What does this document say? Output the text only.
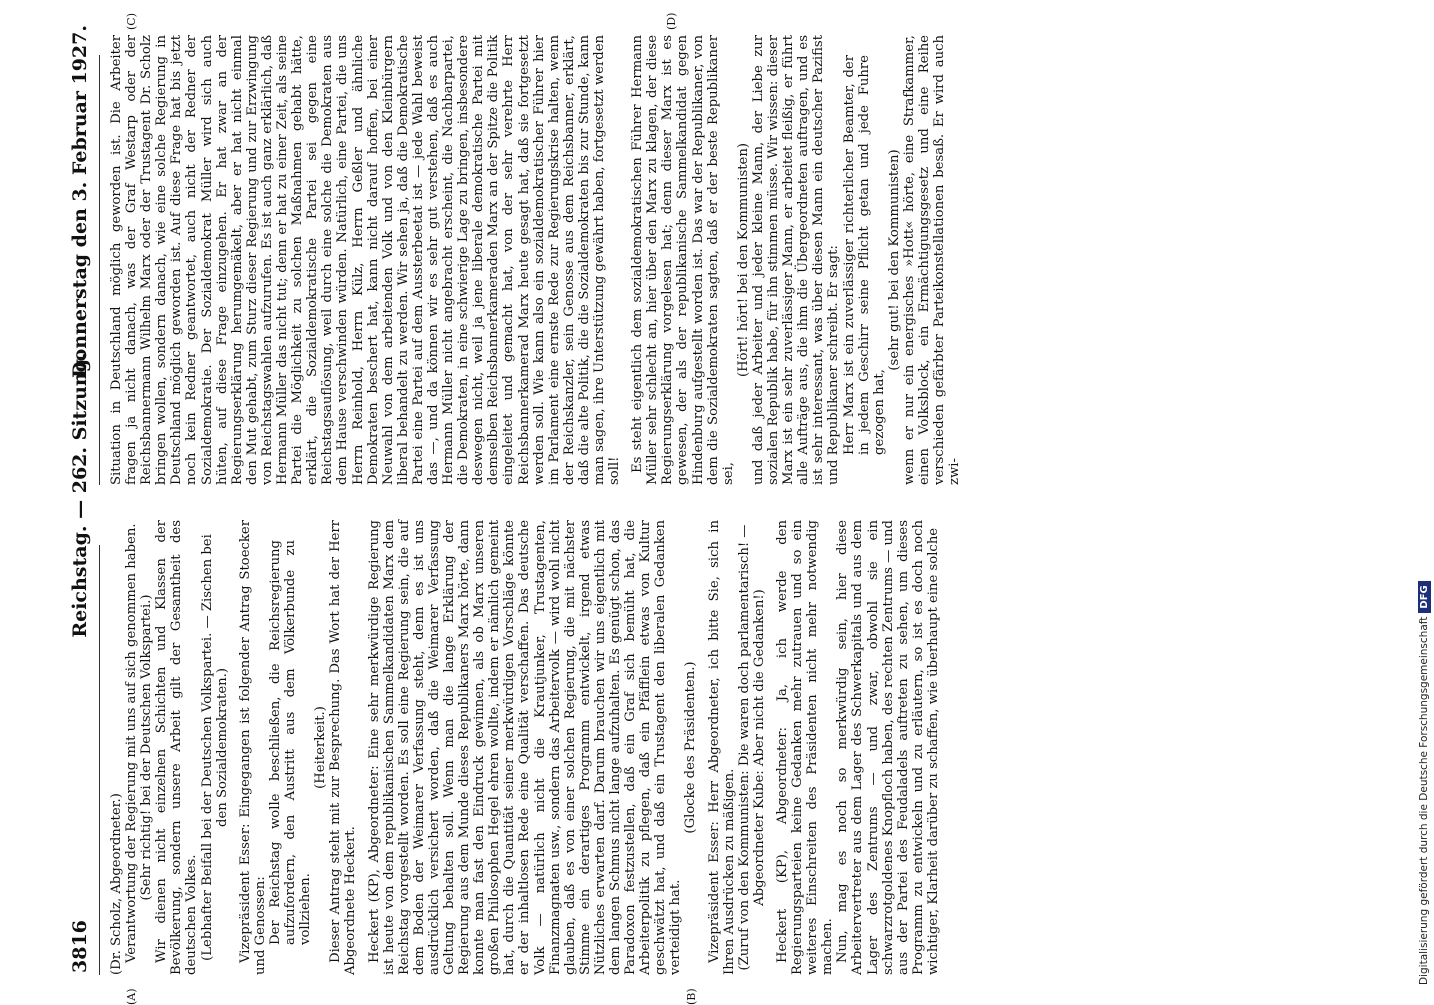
3816
Reichstag. — 262. Sitzung.
Donnerstag den 3. Februar 1927.
(A)	(B)
(C)	(D)

(Dr. Scholz, Abgeordneter.) Verantwortung der Regierung mit uns auf sich genommen haben. (Sehr richtig! bei der Deutschen Volkspartei.) Wir dienen nicht einzelnen Schichten und Klassen der Bevölkerung, sondern unsere Arbeit gilt der Gesamtheit des deutschen Volkes. (Lebhafter Beifall bei der Deutschen Volkspartei. — Zischen bei den Sozialdemokraten.) Vizepräsident Esser: Eingegangen ist folgender Antrag Stoecker und Genossen: Der Reichstag wolle beschließen, die Reichsregierung aufzufordern, den Austritt aus dem Völkerbunde zu vollziehen.

(Heiterkeit.) Dieser Antrag steht mit zur Besprechung. Das Wort hat der Herr Abgeordnete Heckert. Heckert (KP), Abgeordneter: Eine sehr merkwürdige Regierung ist heute von dem republikanischen Sammelkandidaten Marx dem Reichstag vorgestellt worden. Es soll eine Regierung sein, die auf dem Boden der Weimarer Verfassung steht, denn es ist uns ausdrücklich versichert worden, daß die Weimarer Verfassung Geltung behalten soll. Wenn man die lange Erklärung der Regierung aus dem Munde dieses Republikaners Marx hörte, dann konnte man fast den Eindruck gewinnen, als ob Marx unseren großen Philosophen Hegel ehren wollte, indem er nämlich gemeint hat, durch die Quantität seiner merkwürdigen Vorschläge könnte er der inhaltlosen Rede eine Qualität verschaffen. Das deutsche Volk — natürlich nicht die Krautjunker, Trustagenten, Finanzmagnaten usw., sondern das Arbeitervolk — wird wohl nicht glauben, daß es von einer solchen Regierung, die mit nächster Stimme ein derartiges Programm entwickelt, irgend etwas Nützliches erwarten darf. Darum brauchen wir uns eigentlich mit dem langen Schmus nicht lange aufzuhalten. Es genügt schon, das Paradoxon festzustellen, daß ein Graf sich bemüht hat, die Arbeiterpolitik zu pflegen, daß ein Pfäfflein etwas von Kultur geschwätzt hat, und daß ein Trustagent den liberalen Gedanken verteidigt hat.

(Glocke des Präsidenten.) Vizepräsident Esser: Herr Abgeordneter, ich bitte Sie, sich in Ihren Ausdrücken zu mäßigen. (Zuruf von den Kommunisten: Die waren doch parlamentarisch! — Abgeordneter Kube: Aber nicht die Gedanken!) Heckert (KP), Abgeordneter: Ja, ich werde den Regierungsparteien keine Gedanken mehr zutrauen und so ein weiteres Einschreiten des Präsidenten nicht mehr notwendig machen. Nun, mag es noch so merkwürdig sein, hier diese Arbeitervertreter aus dem Lager des Schwerkapitals und aus dem Lager des Zentrums — und zwar, obwohl sie ein schwarzrotgoldenes Knopfloch haben, des rechten Zentrums — und aus der Partei des Feudaladels auftreten zu sehen, um dieses Programm zu entwickeln und zu erläutern, so ist es doch noch wichtiger, Klarheit darüber zu schaffen, wie überhaupt eine solche

Situation in Deutschland möglich geworden ist. Die Arbeiter fragen ja nicht danach, was der Graf Westarp oder der Reichsbannermann Wilhelm Marx oder der Trustagent Dr. Scholz bringen wollen, sondern danach, wie eine solche Regierung in Deutschland möglich geworden ist. Auf diese Frage hat bis jetzt noch kein Redner geantwortet, auch nicht der Redner der Sozialdemokratie. Der Sozialdemokrat Müller wird sich auch hüten, auf diese Frage einzugehen. Er hat zwar an der Regierungserklärung herumgemäkelt, aber er hat nicht einmal den Mut gehabt, zum Sturz dieser Regierung und zur Erzwingung von Reichstagswahlen aufzurufen. Es ist auch ganz erklärlich, daß Hermann Müller das nicht tut; denn er hat zu einer Zeit, als seine Partei die Möglichkeit zu solchen Maßnahmen gehabt hätte, erklärt, die Sozialdemokratische Partei sei gegen eine Reichstagsauflösung, weil durch eine solche die Demokraten aus dem Hause verschwinden würden. Natürlich, eine Partei, die uns Herrn Reinhold, Herrn Külz, Herrn Geßler und ähnliche Demokraten beschert hat, kann nicht darauf hoffen, bei einer Neuwahl von dem arbeitenden Volk und von den Kleinbürgern liberal behandelt zu werden. Wir sehen ja, daß die Demokratische Partei eine Partei auf dem Aussterbeetat ist — jede Wahl beweist das —, und da können wir es sehr gut verstehen, daß es auch Hermann Müller nicht angebracht erscheint, die Nachbarpartei, die Demokraten, in eine schwierige Lage zu bringen, insbesondere deswegen nicht, weil ja jene liberale demokratische Partei mit demselben Reichsbannerkameraden Marx an der Spitze die Politik eingeleitet und gemacht hat, von der sehr verehrte Herr Reichsbannerkamerad Marx heute gesagt hat, daß sie fortgesetzt werden soll. Wie kann also ein sozialdemokratischer Führer hier im Parlament eine ernste Rede zur Regierungskrise halten, wenn der Reichskanzler, sein Genosse aus dem Reichsbanner, erklärt, daß die alte Politik, die die Sozialdemokraten bis zur Stunde, kann man sagen, ihre Unterstützung gewährt haben, fortgesetzt werden soll! Es steht eigentlich dem sozialdemokratischen Führer Hermann Müller sehr schlecht an, hier über den Marx zu klagen, der diese Regierungserklärung vorgelesen hat; denn dieser Marx ist es gewesen, der als der republikanische Sammelkandidat gegen Hindenburg aufgestellt worden ist. Das war der Republikaner, von dem die Sozialdemokraten sagten, daß er der beste Republikaner sei,

(Hört! hört! bei den Kommunisten) und daß jeder Arbeiter und jeder kleine Mann, der Liebe zur sozialen Republik habe, für ihn stimmen müsse. Wir wissen: dieser Marx ist ein sehr zuverlässiger Mann, er arbeitet fleißig, er führt alle Aufträge aus, die ihm die Übergeordneten auftragen, und es ist sehr interessant, was über diesen Mann ein deutscher Pazifist und Republikaner schreibt. Er sagt: Herr Marx ist ein zuverlässiger richterlicher Beamter, der in jedem Geschirr seine Pflicht getan und jede Fuhre gezogen hat,

(sehr gut! bei den Kommunisten) wenn er nur ein energisches »Hott« hörte, eine Strafkammer, einen Volksblock, ein Ermächtigungsgesetz und eine Reihe verschieden gefärbter Parteikonstellationen besaß. Er wird auch zwi-

Digitalisierung gefördert durch die Deutsche ForschungsgemeinschaftDFG
